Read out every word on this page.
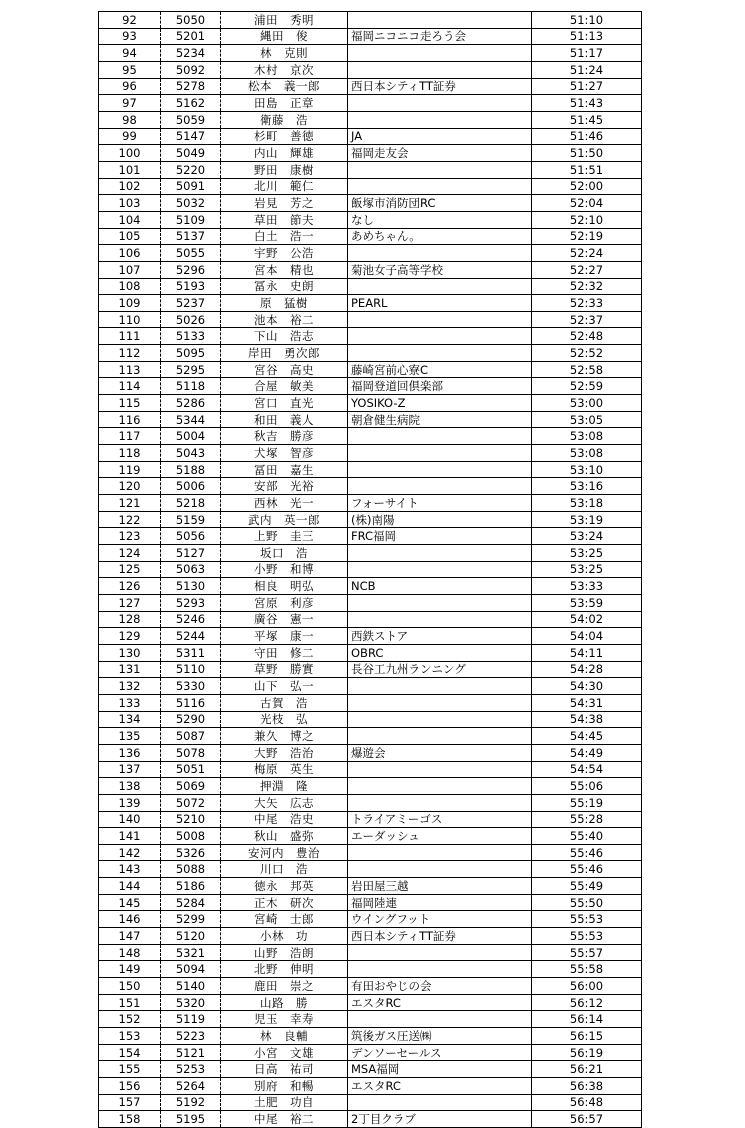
92	5050	浦田　秀明		51:10
93	5201	縄田　俊	福岡ニコニコ走ろう会	51:13
94	5234	林　克則		51:17
95	5092	木村　京次		51:24
96	5278	松本　義一郎	西日本シティTT証券	51:27
97	5162	田島　正章		51:43
98	5059	衛藤　浩		51:45
99	5147	杉町　善徳	JA	51:46
100	5049	内山　輝雄	福岡走友会	51:50
101	5220	野田　康樹		51:51
102	5091	北川　範仁		52:00
103	5032	岩見　芳之	飯塚市消防団RC	52:04
104	5109	草田　節夫	なし	52:10
105	5137	白土　浩一	あめちゃん。	52:19
106	5055	宇野　公浩		52:24
107	5296	宮本　精也	菊池女子高等学校	52:27
108	5193	冨永　史朗		52:32
109	5237	原　猛樹	PEARL	52:33
110	5026	池本　裕二		52:37
111	5133	下山　浩志		52:48
112	5095	岸田　勇次郎		52:52
113	5295	宮谷　高史	藤崎宮前心寮C	52:58
114	5118	合屋　敏美	福岡登道回倶楽部	52:59
115	5286	宮口　直光	YOSIKO-Z	53:00
116	5344	和田　義人	朝倉健生病院	53:05
117	5004	秋吉　勝彦		53:08
118	5043	犬塚　智彦		53:08
119	5188	冨田　嘉生		53:10
120	5006	安部　光裕		53:16
121	5218	西林　光一	フォーサイト	53:18
122	5159	武内　英一郎	(株)南陽	53:19
123	5056	上野　圭三	FRC福岡	53:24
124	5127	坂口　浩		53:25
125	5063	小野　和博		53:25
126	5130	相良　明弘	NCB	53:33
127	5293	宮原　利彦		53:59
128	5246	廣谷　憲一		54:02
129	5244	平塚　康一	西鉄ストア	54:04
130	5311	守田　修二	OBRC	54:11
131	5110	草野　勝實	長谷工九州ランニング	54:28
132	5330	山下　弘一		54:30
133	5116	古賀　浩		54:31
134	5290	光枝　弘		54:38
135	5087	兼久　博之		54:45
136	5078	大野　浩治	爆遊会	54:49
137	5051	梅原　英生		54:54
138	5069	押淵　隆		55:06
139	5072	大矢　広志		55:19
140	5210	中尾　浩史	トライアミーゴス	55:28
141	5008	秋山　盛弥	エーダッシュ	55:40
142	5326	安河内　豊治		55:46
143	5088	川口　浩		55:46
144	5186	徳永　邦英	岩田屋三越	55:49
145	5284	正木　研次	福岡陸連	55:50
146	5299	宮崎　士郎	ウイングフット	55:53
147	5120	小林　功	西日本シティTT証券	55:53
148	5321	山野　浩朗		55:57
149	5094	北野　伸明		55:58
150	5140	鹿田　崇之	有田おやじの会	56:00
151	5320	山路　勝	エスタRC	56:12
152	5119	児玉　幸寿		56:14
153	5223	林　良輔	筑後ガス圧送㈱	56:15
154	5121	小宮　文雄	デンソーセールス	56:19
155	5253	日高　祐司	MSA福岡	56:21
156	5264	別府　和暢	エスタRC	56:38
157	5192	土肥　功自		56:48
158	5195	中尾　裕二	2丁目クラブ	56:57
